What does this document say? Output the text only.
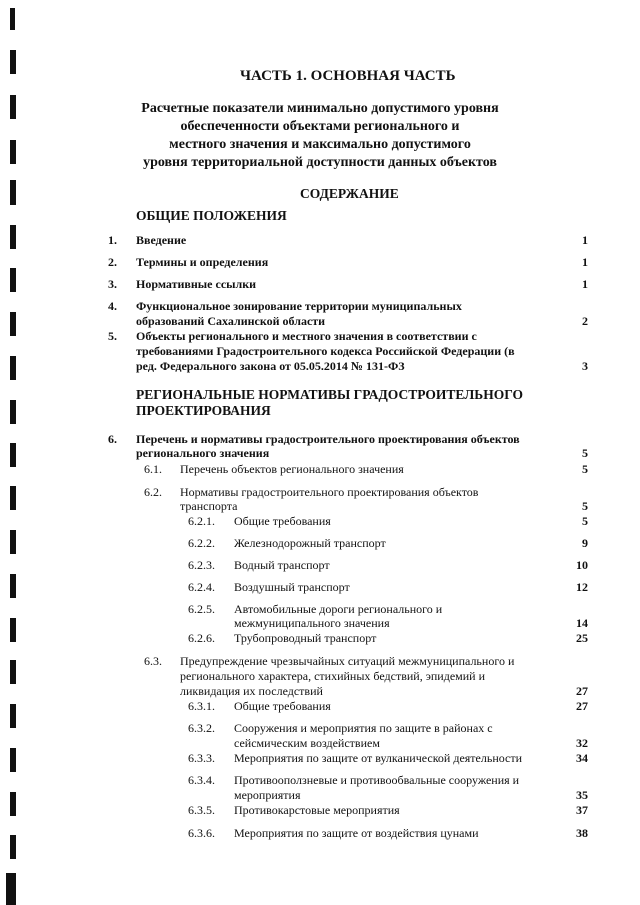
ЧАСТЬ 1. ОСНОВНАЯ ЧАСТЬ
Расчетные показатели минимально допустимого уровня
обеспеченности объектами регионального и
местного значения и максимально допустимого
уровня территориальной доступности данных объектов
СОДЕРЖАНИЕ
ОБЩИЕ ПОЛОЖЕНИЯ
1. Введение	1
2. Термины и определения	1
3. Нормативные ссылки	1
4. Функциональное зонирование территории муниципальных
образований Сахалинской области	2
5. Объекты регионального и местного значения в соответствии с
требованиями Градостроительного кодекса Российской Федерации (в
ред. Федерального закона от 05.05.2014 № 131-ФЗ	3
РЕГИОНАЛЬНЫЕ НОРМАТИВЫ ГРАДОСТРОИТЕЛЬНОГО
ПРОЕКТИРОВАНИЯ
6. Перечень и нормативы градостроительного проектирования объектов
регионального значения	5
6.1. Перечень объектов регионального значения	5
6.2. Нормативы градостроительного проектирования объектов
транспорта	5
6.2.1. Общие требования	5
6.2.2. Железнодорожный транспорт	9
6.2.3. Водный транспорт	10
6.2.4. Воздушный транспорт	12
6.2.5. Автомобильные дороги регионального и
межмуниципального значения	14
6.2.6. Трубопроводный транспорт	25
6.3. Предупреждение чрезвычайных ситуаций межмуниципального и
регионального характера, стихийных бедствий, эпидемий и
ликвидация их последствий	27
6.3.1. Общие требования	27
6.3.2. Сооружения и мероприятия по защите в районах с
сейсмическим воздействием	32
6.3.3. Мероприятия по защите от вулканической деятельности	34
6.3.4. Противооползневые и противообвальные сооружения и
мероприятия	35
6.3.5. Противокарстовые мероприятия	37
6.3.6. Мероприятия по защите от воздействия цунами	38
